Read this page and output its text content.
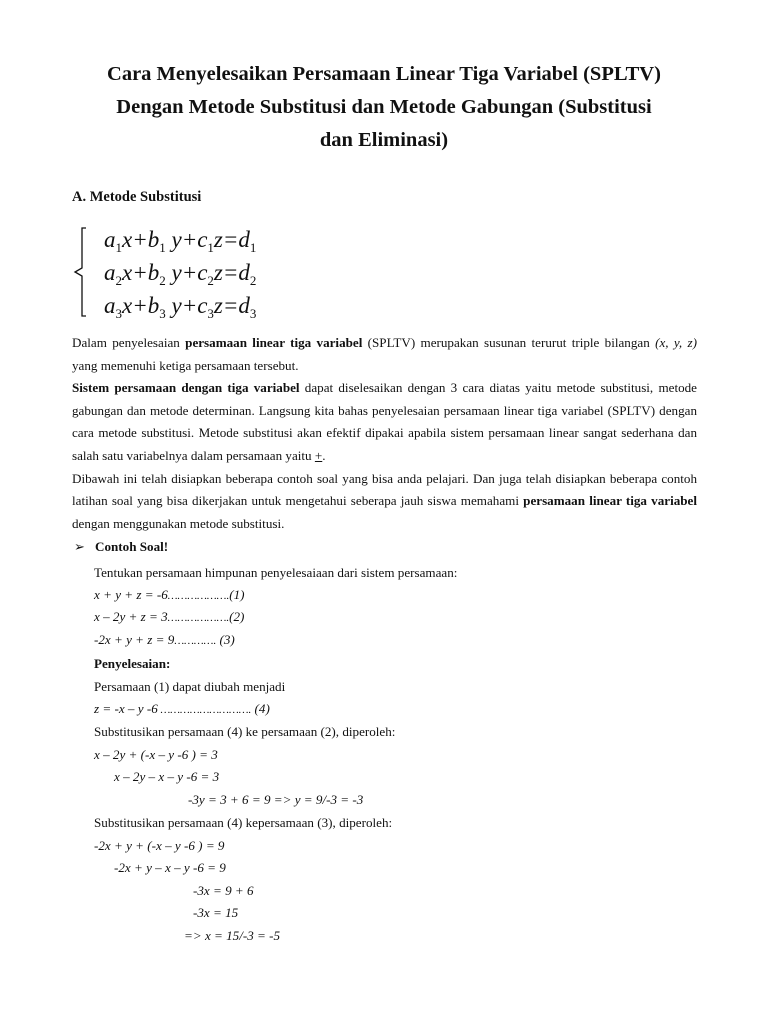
Cara Menyelesaikan Persamaan Linear Tiga Variabel (SPLTV)
Dengan Metode Substitusi dan Metode Gabungan (Substitusi
dan Eliminasi)
A. Metode Substitusi
$a_1x+b_1$ $y+c_1z=d_1$
$a_2x+b_2$ $y+c_2z=d_2$
$a_3x+b_3$ $y+c_3z=d_3$

Dalam penyelesaian persamaan linear tiga variabel (SPLTV) merupakan susunan terurut triple bilangan (x, y, z) yang memenuhi ketiga persamaan tersebut.

Sistem persamaan dengan tiga variabel dapat diselesaikan dengan 3 cara diatas yaitu metode substitusi, metode gabungan dan metode determinan. Langsung kita bahas penyelesaian persamaan linear tiga variabel (SPLTV) dengan cara metode substitusi. Metode substitusi akan efektif dipakai apabila sistem persamaan linear sangat sederhana dan salah satu variabelnya dalam persamaan yaitu +.

Dibawah ini telah disiapkan beberapa contoh soal yang bisa anda pelajari. Dan juga telah disiapkan beberapa contoh latihan soal yang bisa dikerjakan untuk mengetahui seberapa jauh siswa memahami persamaan linear tiga variabel dengan menggunakan metode substitusi.

➢ Contoh Soal!
Tentukan persamaan himpunan penyelesaiaan dari sistem persamaan:
x + y + z = -6……………….(1)
x – 2y + z = 3……………….(2)
-2x + y + z = 9…………. (3)
Penyelesaian:
Persamaan (1) dapat diubah menjadi
z = -x – y -6 ………………………. (4)
Substitusikan persamaan (4) ke persamaan (2), diperoleh:
x – 2y + (-x – y -6 ) = 3
x – 2y – x – y -6 = 3
-3y = 3 + 6 = 9 => y = 9/-3 = -3
Substitusikan persamaan (4) kepersamaan (3), diperoleh:
-2x + y + (-x – y -6 ) = 9
-2x + y – x – y -6 = 9
-3x = 9 + 6
-3x = 15
=> x = 15/-3 = -5
